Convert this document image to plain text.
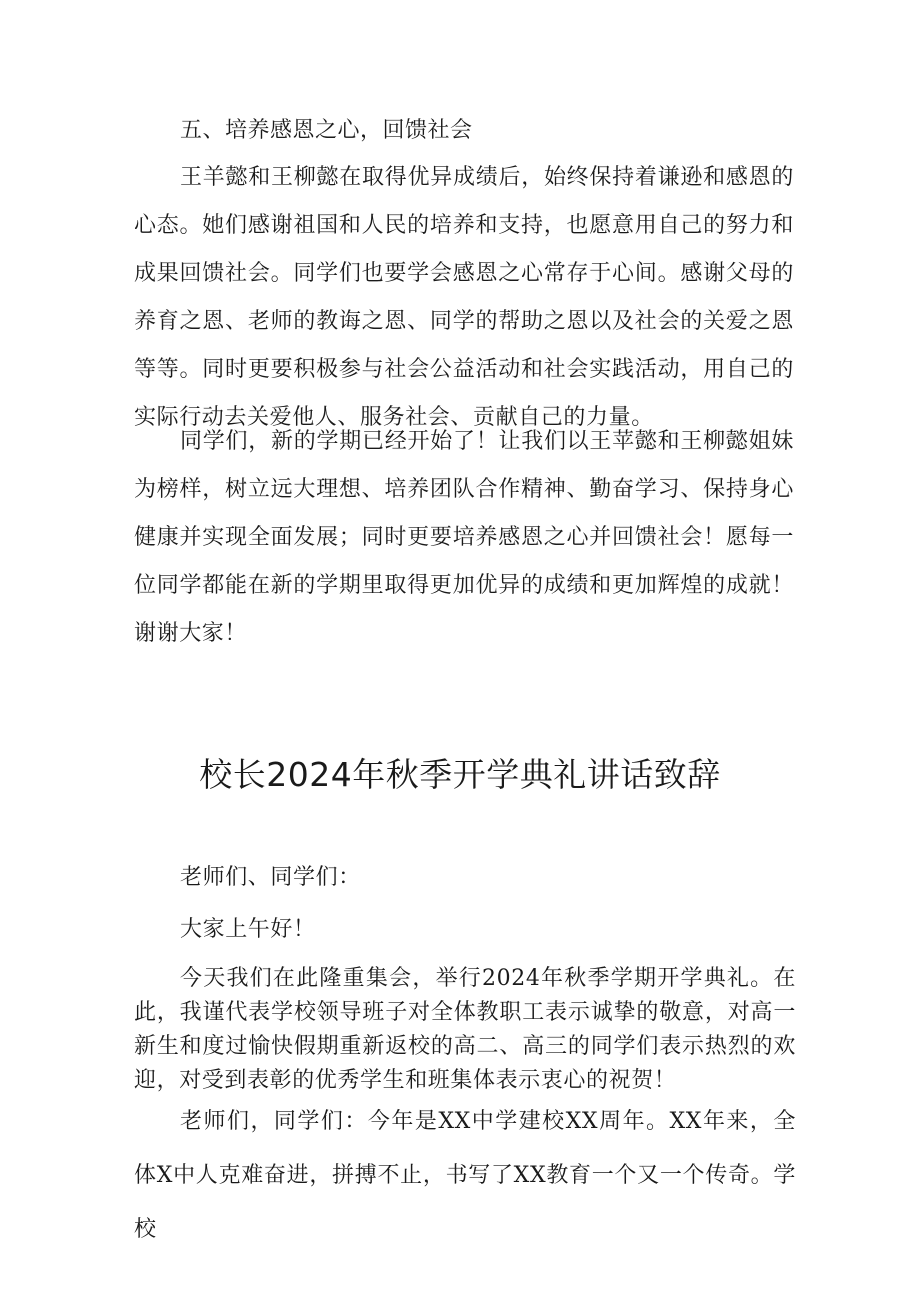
五、培养感恩之心，回馈社会

王羊懿和王柳懿在取得优异成绩后，始终保持着谦逊和感恩的心态。她们感谢祖国和人民的培养和支持，也愿意用自己的努力和成果回馈社会。同学们也要学会感恩之心常存于心间。感谢父母的养育之恩、老师的教诲之恩、同学的帮助之恩以及社会的关爱之恩等等。同时更要积极参与社会公益活动和社会实践活动，用自己的实际行动去关爱他人、服务社会、贡献自己的力量。

同学们，新的学期已经开始了！让我们以王苹懿和王柳懿姐妹为榜样，树立远大理想、培养团队合作精神、勤奋学习、保持身心健康并实现全面发展；同时更要培养感恩之心并回馈社会！愿每一位同学都能在新的学期里取得更加优异的成绩和更加辉煌的成就！谢谢大家！

校长2024年秋季开学典礼讲话致辞

老师们、同学们：

大家上午好！

今天我们在此隆重集会，举行2024年秋季学期开学典礼。在此，我谨代表学校领导班子对全体教职工表示诚挚的敬意，对高一新生和度过愉快假期重新返校的高二、高三的同学们表示热烈的欢迎，对受到表彰的优秀学生和班集体表示衷心的祝贺！

老师们，同学们：今年是XX中学建校XX周年。XX年来，全体X中人克难奋进，拼搏不止，书写了XX教育一个又一个传奇。学校
